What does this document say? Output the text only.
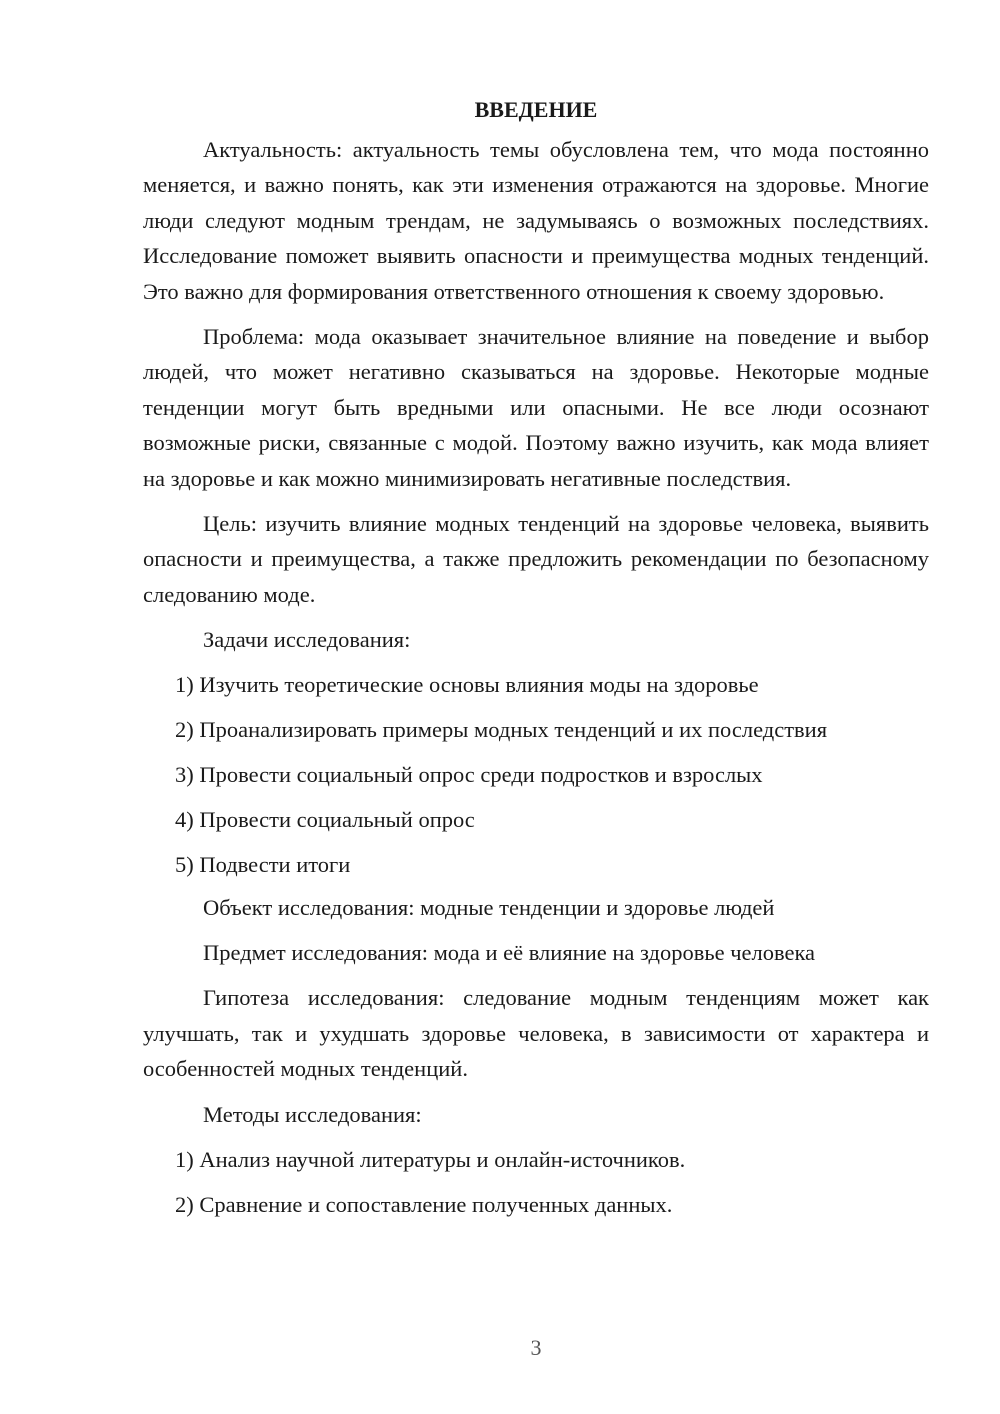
ВВЕДЕНИЕ

Актуальность: актуальность темы обусловлена тем, что мода постоянно меняется, и важно понять, как эти изменения отражаются на здоровье. Многие люди следуют модным трендам, не задумываясь о возможных последствиях. Исследование поможет выявить опасности и преимущества модных тенденций. Это важно для формирования ответственного отношения к своему здоровью.

Проблема: мода оказывает значительное влияние на поведение и выбор людей, что может негативно сказываться на здоровье. Некоторые модные тенденции могут быть вредными или опасными. Не все люди осознают возможные риски, связанные с модой. Поэтому важно изучить, как мода влияет на здоровье и как можно минимизировать негативные последствия.

Цель: изучить влияние модных тенденций на здоровье человека, выявить опасности и преимущества, а также предложить рекомендации по безопасному следованию моде.

Задачи исследования:
1) Изучить теоретические основы влияния моды на здоровье
2) Проанализировать примеры модных тенденций и их последствия
3) Провести социальный опрос среди подростков и взрослых
4) Провести социальный опрос
5) Подвести итоги
Объект исследования: модные тенденции и здоровье людей
Предмет исследования: мода и её влияние на здоровье человека

Гипотеза исследования: следование модным тенденциям может как улучшать, так и ухудшать здоровье человека, в зависимости от характера и особенностей модных тенденций.

Методы исследования:
1) Анализ научной литературы и онлайн-источников.
2) Сравнение и сопоставление полученных данных.
3
